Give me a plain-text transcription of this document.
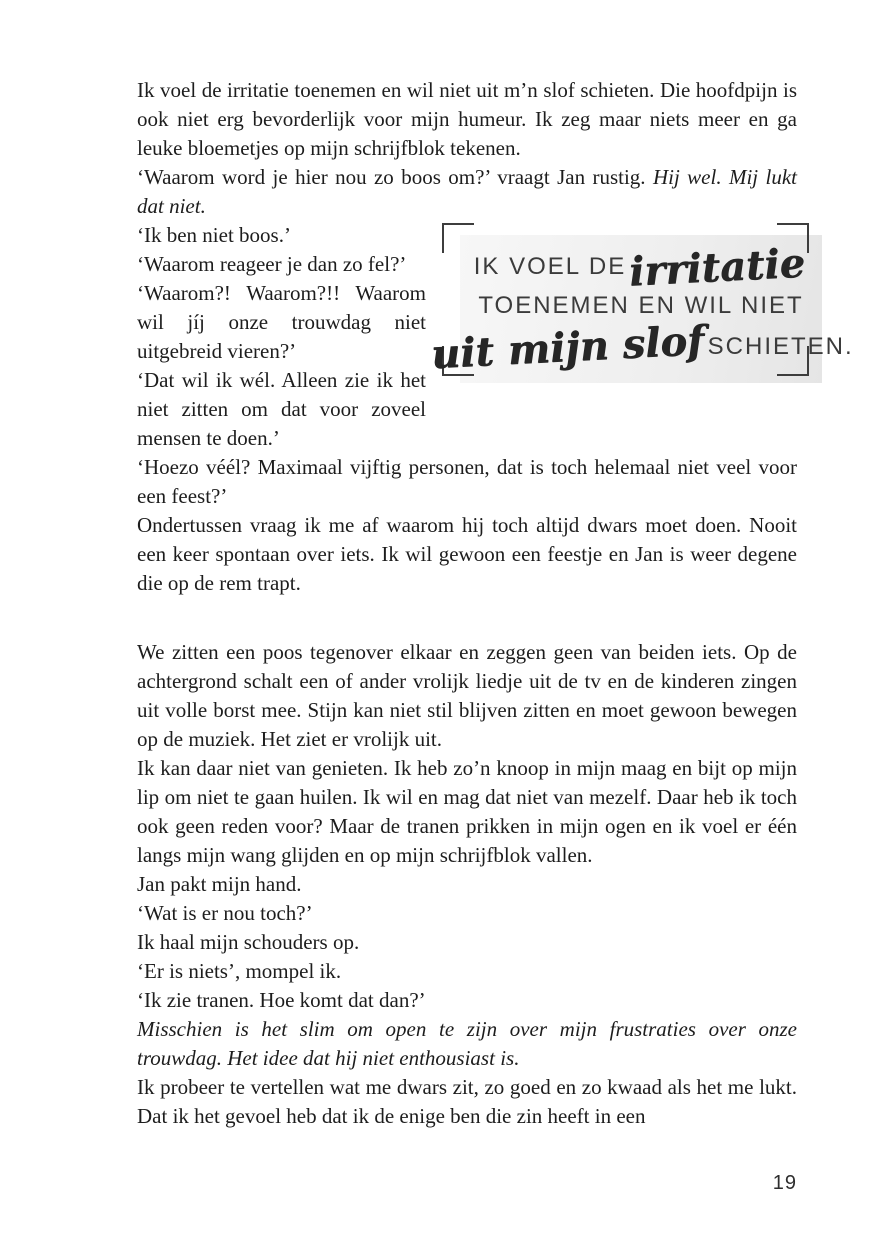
Ik voel de irritatie toenemen en wil niet uit m’n slof schieten. Die hoofdpijn is ook niet erg bevorderlijk voor mijn humeur. Ik zeg maar niets meer en ga leuke bloemetjes op mijn schrijfblok tekenen.

‘Waarom word je hier nou zo boos om?’ vraagt Jan rustig. Hij wel. Mij lukt dat niet.

IK VOEL DE irritatie
TOENEMEN EN WIL NIET
uit mijn slof SCHIETEN.

‘Ik ben niet boos.’

‘Waarom reageer je dan zo fel?’

‘Waarom?! Waarom?!! Waarom wil jíj onze trouwdag niet uitgebreid vieren?’

‘Dat wil ik wél. Alleen zie ik het niet zitten om dat voor zoveel mensen te doen.’

‘Hoezo véél? Maximaal vijftig personen, dat is toch helemaal niet veel voor een feest?’

Ondertussen vraag ik me af waarom hij toch altijd dwars moet doen. Nooit een keer spontaan over iets. Ik wil gewoon een feestje en Jan is weer degene die op de rem trapt.

We zitten een poos tegenover elkaar en zeggen geen van beiden iets. Op de achtergrond schalt een of ander vrolijk liedje uit de tv en de kinderen zingen uit volle borst mee. Stijn kan niet stil blijven zitten en moet gewoon bewegen op de muziek. Het ziet er vrolijk uit.

Ik kan daar niet van genieten. Ik heb zo’n knoop in mijn maag en bijt op mijn lip om niet te gaan huilen. Ik wil en mag dat niet van mezelf. Daar heb ik toch ook geen reden voor? Maar de tranen prikken in mijn ogen en ik voel er één langs mijn wang glijden en op mijn schrijfblok vallen.

Jan pakt mijn hand.

‘Wat is er nou toch?’

Ik haal mijn schouders op.

‘Er is niets’, mompel ik.

‘Ik zie tranen. Hoe komt dat dan?’

Misschien is het slim om open te zijn over mijn frustraties over onze trouwdag. Het idee dat hij niet enthousiast is.

Ik probeer te vertellen wat me dwars zit, zo goed en zo kwaad als het me lukt. Dat ik het gevoel heb dat ik de enige ben die zin heeft in een

19
